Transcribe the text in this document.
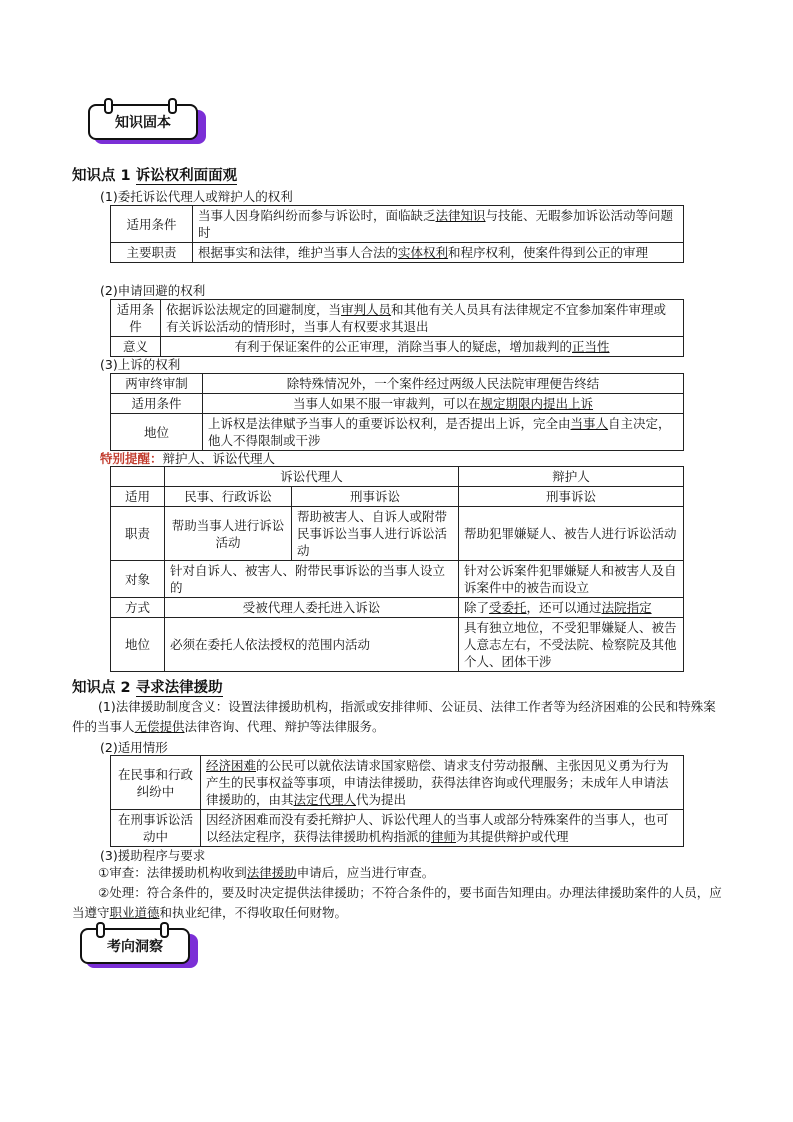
知识固本
知识点 1 诉讼权利面面观
(1)委托诉讼代理人或辩护人的权利
适用条件	当事人因身陷纠纷而参与诉讼时，面临缺乏法律知识与技能、无暇参加诉讼活动等问题时
主要职责	根据事实和法律，维护当事人合法的实体权利和程序权利，使案件得到公正的审理
(2)申请回避的权利
适用条件	依据诉讼法规定的回避制度，当审判人员和其他有关人员具有法律规定不宜参加案件审理或有关诉讼活动的情形时，当事人有权要求其退出
意义	有利于保证案件的公正审理，消除当事人的疑虑，增加裁判的正当性
(3)上诉的权利
两审终审制	除特殊情况外，一个案件经过两级人民法院审理便告终结
适用条件	当事人如果不服一审裁判，可以在规定期限内提出上诉
地位	上诉权是法律赋予当事人的重要诉讼权利，是否提出上诉，完全由当事人自主决定，他人不得限制或干涉
特别提醒：辩护人、诉讼代理人
	诉讼代理人		辩护人
适用	民事、行政诉讼	刑事诉讼	刑事诉讼
职责	帮助当事人进行诉讼活动	帮助被害人、自诉人或附带民事诉讼当事人进行诉讼活动	帮助犯罪嫌疑人、被告人进行诉讼活动
对象	针对自诉人、被害人、附带民事诉讼的当事人设立的		针对公诉案件犯罪嫌疑人和被害人及自诉案件中的被告而设立
方式	受被代理人委托进入诉讼		除了受委托，还可以通过法院指定
地位	必须在委托人依法授权的范围内活动		具有独立地位，不受犯罪嫌疑人、被告人意志左右，不受法院、检察院及其他个人、团体干涉
知识点 2 寻求法律援助
(1)法律援助制度含义：设置法律援助机构，指派或安排律师、公证员、法律工作者等为经济困难的公民和特殊案件的当事人无偿提供法律咨询、代理、辩护等法律服务。
(2)适用情形
在民事和行政纠纷中	经济困难的公民可以就依法请求国家赔偿、请求支付劳动报酬、主张因见义勇为行为产生的民事权益等事项，申请法律援助，获得法律咨询或代理服务；未成年人申请法律援助的，由其法定代理人代为提出
在刑事诉讼活动中	因经济困难而没有委托辩护人、诉讼代理人的当事人或部分特殊案件的当事人，也可以经法定程序，获得法律援助机构指派的律师为其提供辩护或代理
(3)援助程序与要求
①审查：法律援助机构收到法律援助申请后，应当进行审查。
②处理：符合条件的，要及时决定提供法律援助；不符合条件的，要书面告知理由。办理法律援助案件的人员，应当遵守职业道德和执业纪律，不得收取任何财物。
考向洞察
